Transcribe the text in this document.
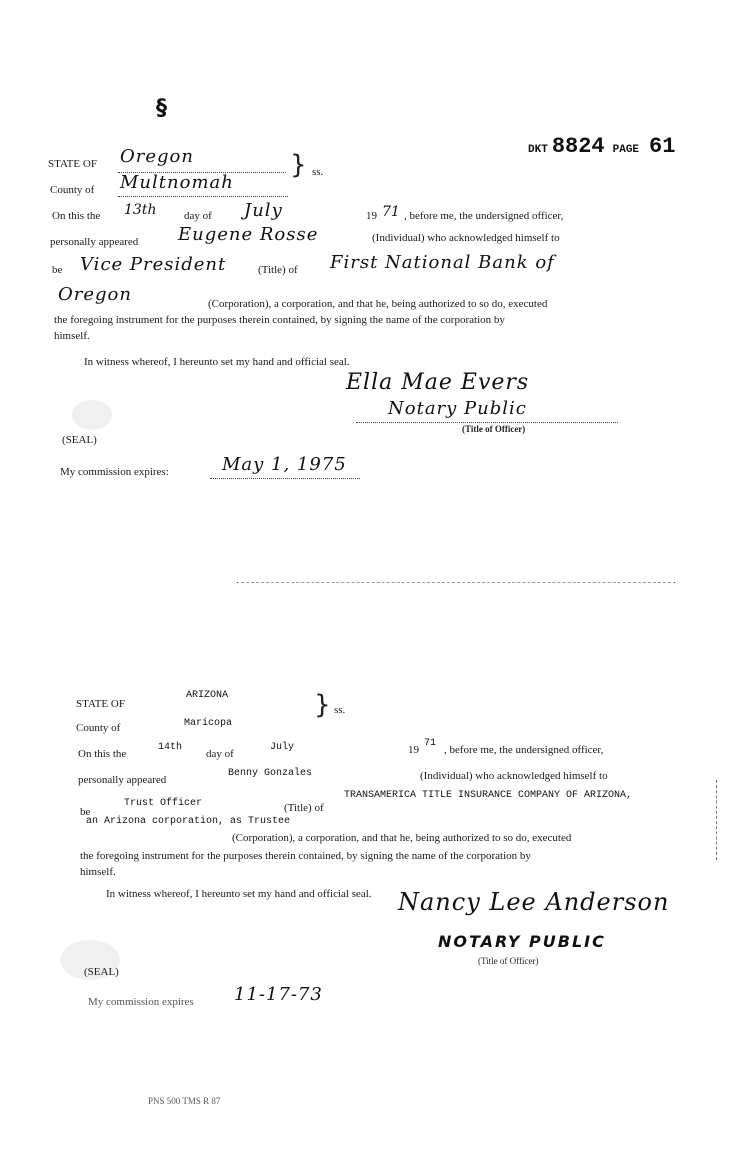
§
DKT 8824 PAGE 61
STATE OF Oregon	} ss.
County of Multnomah
On this the 13th	day of July	19 71 , before me, the undersigned officer,
personally appeared Eugene Rosse	(Individual) who acknowledged himself to
be Vice President	(Title) of First National Bank of
Oregon	(Corporation), a corporation, and that he, being authorized to so do, executed
the foregoing instrument for the purposes therein contained, by signing the name of the corporation by
himself.
In witness whereof, I hereunto set my hand and official seal.
Ella Mae Evers
Notary Public
(Title of Officer)
(SEAL)
My commission expires:	May 1, 1975
STATE OF
ARIZONA	} ss.
County of	Maricopa
On this the
14th
day of
July	19
71
, before me, the undersigned officer,
personally appeared
Benny Gonzales	(Individual) who acknowledged himself to
be
Trust Officer	(Title) of
TRANSAMERICA TITLE INSURANCE COMPANY OF ARIZONA,
an Arizona corporation, as Trustee
(Corporation), a corporation, and that he, being authorized to so do, executed
the foregoing instrument for the purposes therein contained, by signing the name of the corporation by
himself.
In witness whereof, I hereunto set my hand and official seal. Nancy Lee Anderson
NOTARY PUBLIC
(Title of Officer)
(SEAL)
My commission expires 11-17-73
PNS 500 TMS R 87
